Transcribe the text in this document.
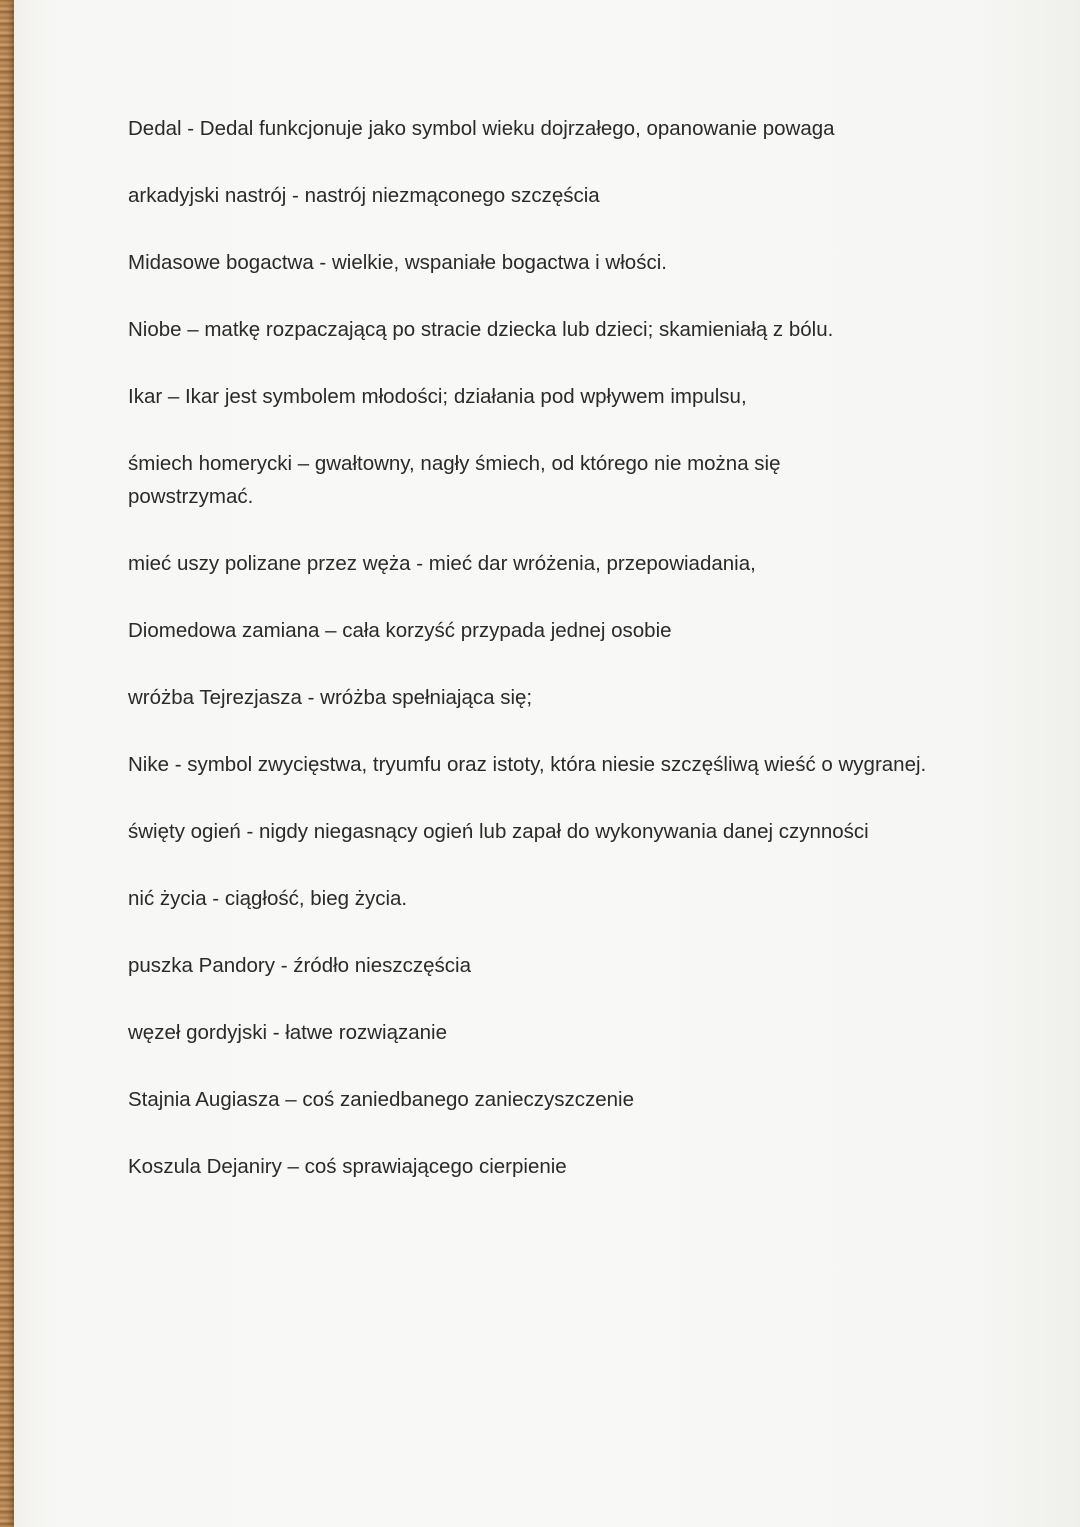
Dedal - Dedal funkcjonuje jako symbol wieku dojrzałego, opanowanie powaga
arkadyjski nastrój - nastrój niezmąconego szczęścia
Midasowe bogactwa - wielkie, wspaniałe bogactwa i włości.
Niobe – matkę rozpaczającą po stracie dziecka lub dzieci; skamieniałą z bólu.
Ikar – Ikar jest symbolem młodości; działania pod wpływem impulsu,
śmiech homerycki – gwałtowny, nagły śmiech, od którego nie można się powstrzymać.
mieć uszy polizane przez węża - mieć dar wróżenia, przepowiadania,
Diomedowa zamiana – cała korzyść przypada jednej osobie
wróżba Tejrezjasza - wróżba spełniająca się;
Nike - symbol zwycięstwa, tryumfu oraz istoty, która niesie szczęśliwą wieść o wygranej.
święty ogień - nigdy niegasnący ogień lub zapał do wykonywania danej czynności
nić życia - ciągłość, bieg życia.
puszka Pandory - źródło nieszczęścia
węzeł gordyjski - łatwe rozwiązanie
Stajnia Augiasza – coś zaniedbanego zanieczyszczenie
Koszula Dejaniry – coś sprawiającego cierpienie
